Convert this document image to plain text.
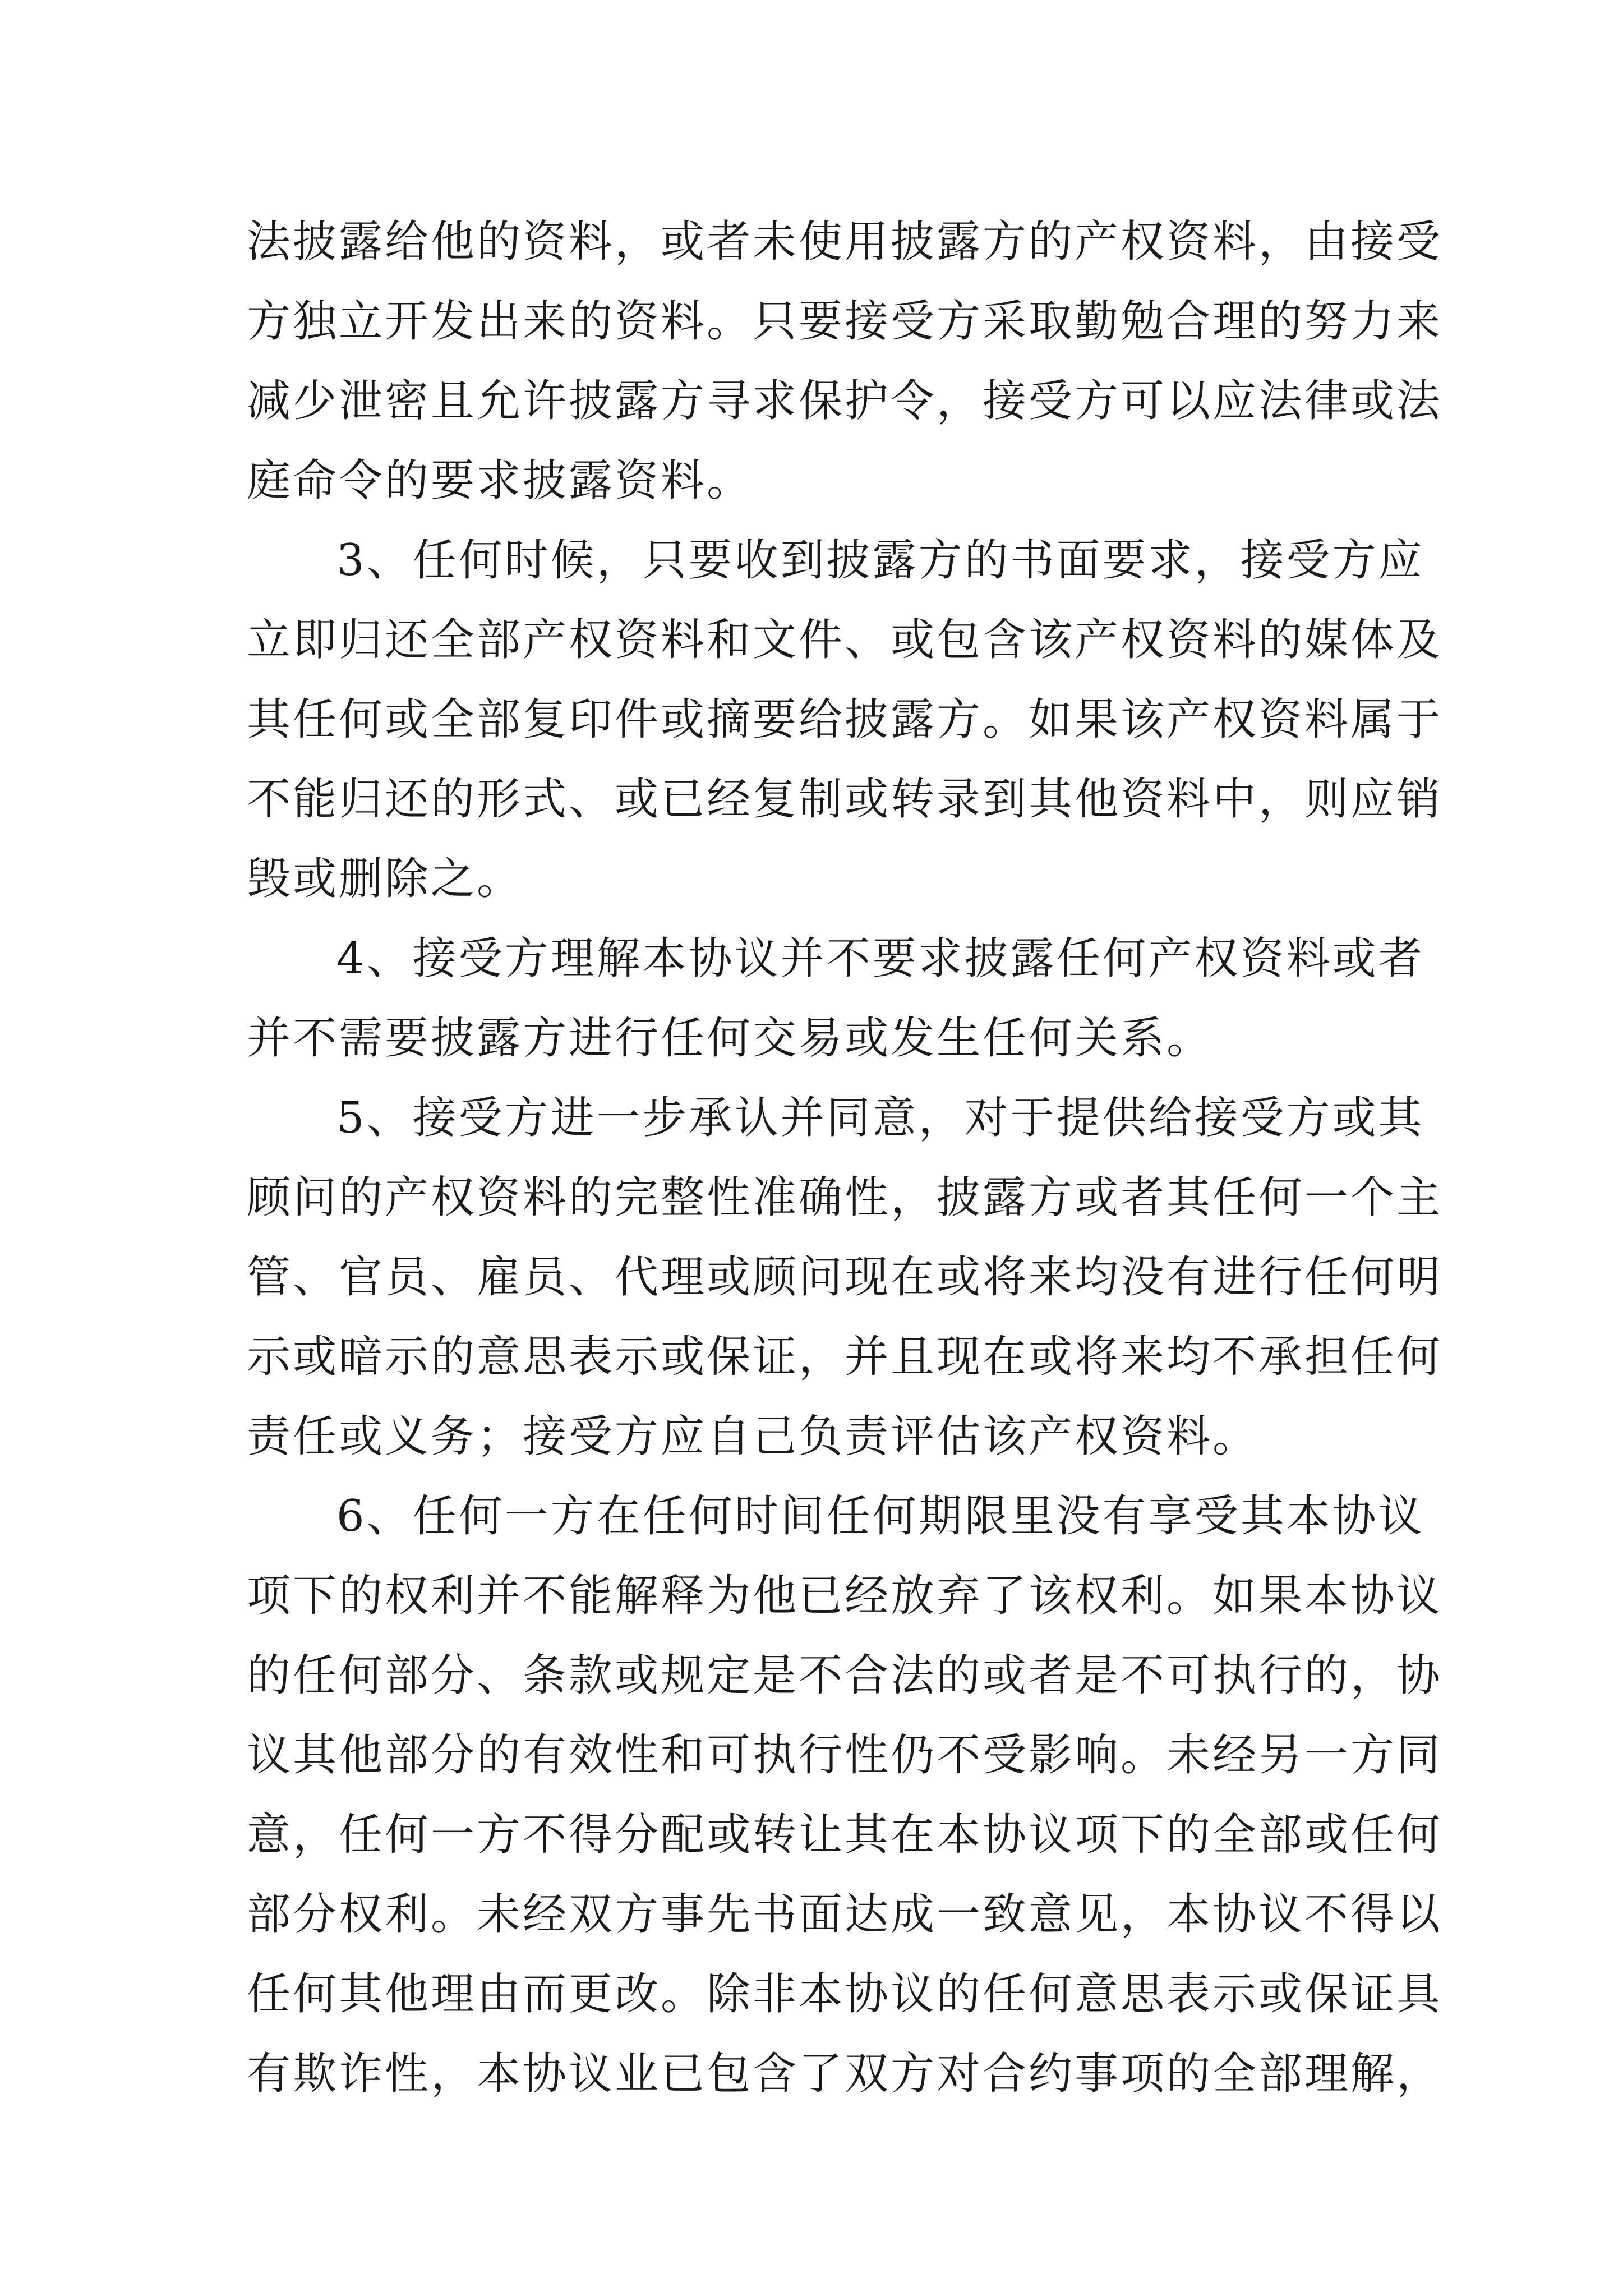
法披露给他的资料，或者未使用披露方的产权资料，由接受
方独立开发出来的资料。只要接受方采取勤勉合理的努力来
减少泄密且允许披露方寻求保护令，接受方可以应法律或法
庭命令的要求披露资料。
3、任何时候，只要收到披露方的书面要求，接受方应
立即归还全部产权资料和文件、或包含该产权资料的媒体及
其任何或全部复印件或摘要给披露方。如果该产权资料属于
不能归还的形式、或已经复制或转录到其他资料中，则应销
毁或删除之。
4、接受方理解本协议并不要求披露任何产权资料或者
并不需要披露方进行任何交易或发生任何关系。
5、接受方进一步承认并同意，对于提供给接受方或其
顾问的产权资料的完整性准确性，披露方或者其任何一个主
管、官员、雇员、代理或顾问现在或将来均没有进行任何明
示或暗示的意思表示或保证，并且现在或将来均不承担任何
责任或义务；接受方应自己负责评估该产权资料。
6、任何一方在任何时间任何期限里没有享受其本协议
项下的权利并不能解释为他已经放弃了该权利。如果本协议
的任何部分、条款或规定是不合法的或者是不可执行的，协
议其他部分的有效性和可执行性仍不受影响。未经另一方同
意，任何一方不得分配或转让其在本协议项下的全部或任何
部分权利。未经双方事先书面达成一致意见，本协议不得以
任何其他理由而更改。除非本协议的任何意思表示或保证具
有欺诈性，本协议业已包含了双方对合约事项的全部理解，
